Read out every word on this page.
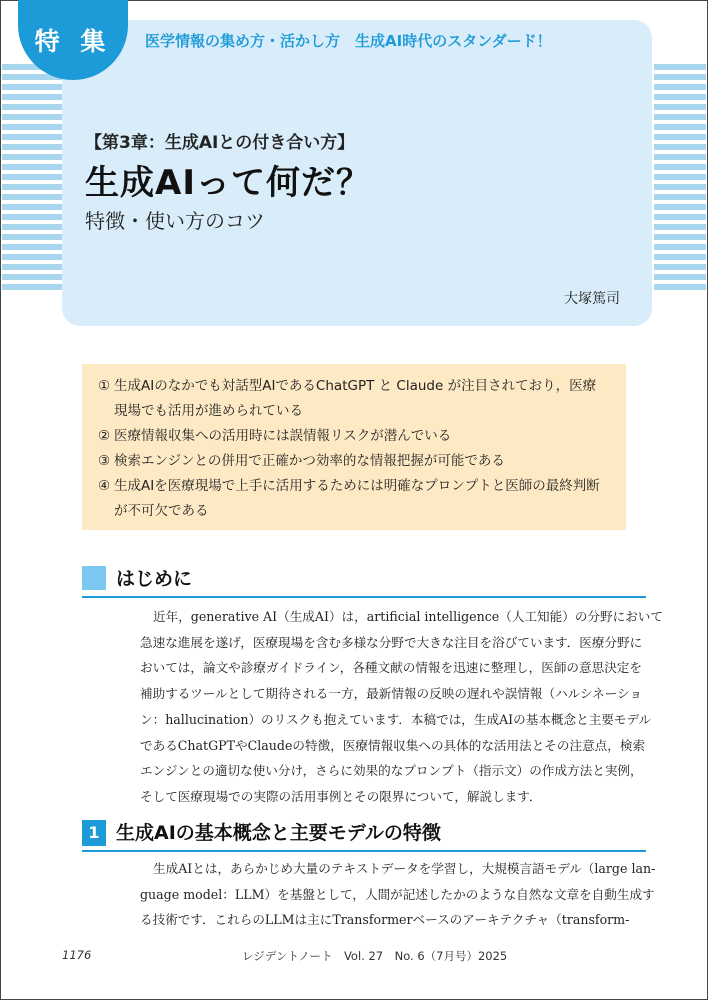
特 集	医学情報の集め方・活かし方　生成AI時代のスタンダード！
【第3章：生成AIとの付き合い方】
生成AIって何だ？
特徴・使い方のコツ
大塚篤司
① 生成AIのなかでも対話型AIであるChatGPT と Claude が注目されており，医療
現場でも活用が進められている
② 医療情報収集への活用時には誤情報リスクが潜んでいる
③ 検索エンジンとの併用で正確かつ効率的な情報把握が可能である
④ 生成AIを医療現場で上手に活用するためには明確なプロンプトと医師の最終判断
が不可欠である
はじめに
近年，generative AI（生成AI）は，artificial intelligence（人工知能）の分野において
急速な進展を遂げ，医療現場を含む多様な分野で大きな注目を浴びています．医療分野に
おいては，論文や診療ガイドライン，各種文献の情報を迅速に整理し，医師の意思決定を
補助するツールとして期待される一方，最新情報の反映の遅れや誤情報（ハルシネーショ
ン：hallucination）のリスクも抱えています．本稿では，生成AIの基本概念と主要モデル
であるChatGPTやClaudeの特徴，医療情報収集への具体的な活用法とその注意点，検索
エンジンとの適切な使い分け，さらに効果的なプロンプト（指示文）の作成方法と実例，
そして医療現場での実際の活用事例とその限界について，解説します．
1 生成AIの基本概念と主要モデルの特徴
生成AIとは，あらかじめ大量のテキストデータを学習し，大規模言語モデル（large lan-
guage model：LLM）を基盤として，人間が記述したかのような自然な文章を自動生成す
る技術です．これらのLLMは主にTransformerベースのアーキテクチャ（transform-
1176	レジデントノート　Vol. 27　No. 6（7月号）2025
